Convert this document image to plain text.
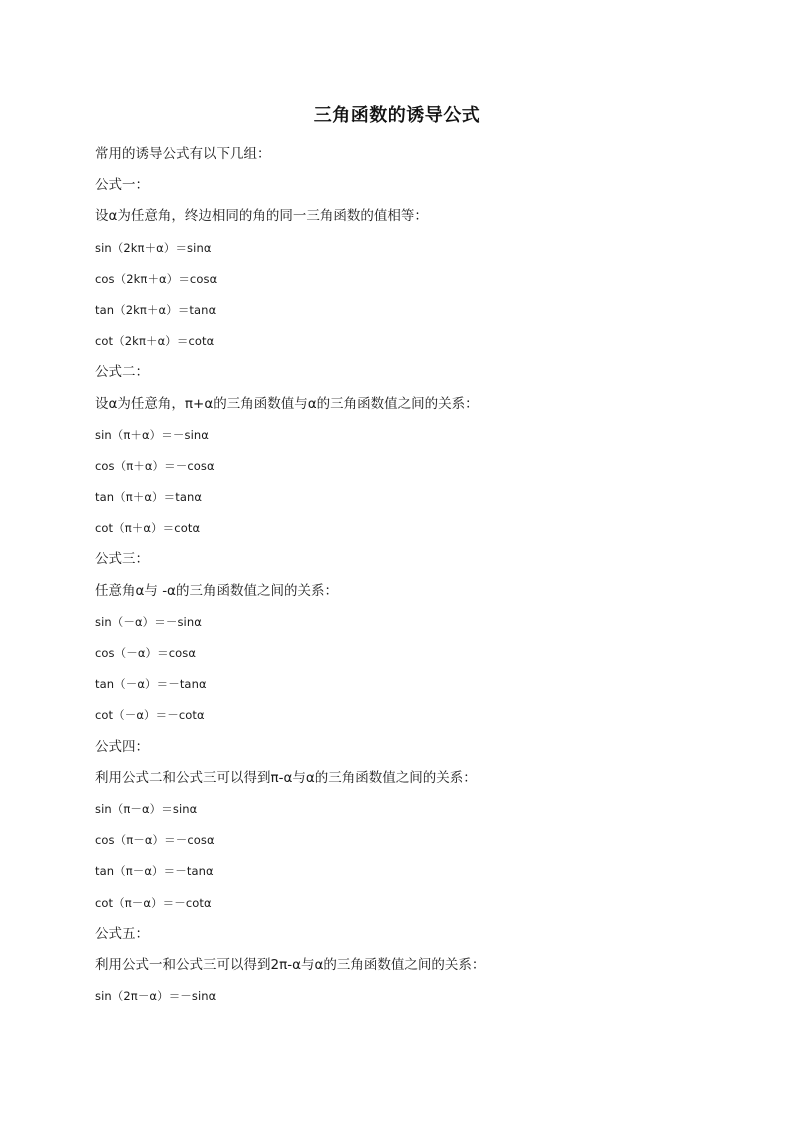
三角函数的诱导公式
常用的诱导公式有以下几组：
公式一：
设α为任意角，终边相同的角的同一三角函数的值相等：
sin（2kπ＋α）＝sinα
cos（2kπ＋α）＝cosα
tan（2kπ＋α）＝tanα
cot（2kπ＋α）＝cotα
公式二：
设α为任意角，π+α的三角函数值与α的三角函数值之间的关系：
sin（π＋α）＝－sinα
cos（π＋α）＝－cosα
tan（π＋α）＝tanα
cot（π＋α）＝cotα
公式三：
任意角α与 -α的三角函数值之间的关系：
sin（－α）＝－sinα
cos（－α）＝cosα
tan（－α）＝－tanα
cot（－α）＝－cotα
公式四：
利用公式二和公式三可以得到π-α与α的三角函数值之间的关系：
sin（π－α）＝sinα
cos（π－α）＝－cosα
tan（π－α）＝－tanα
cot（π－α）＝－cotα
公式五：
利用公式一和公式三可以得到2π-α与α的三角函数值之间的关系：
sin（2π－α）＝－sinα
